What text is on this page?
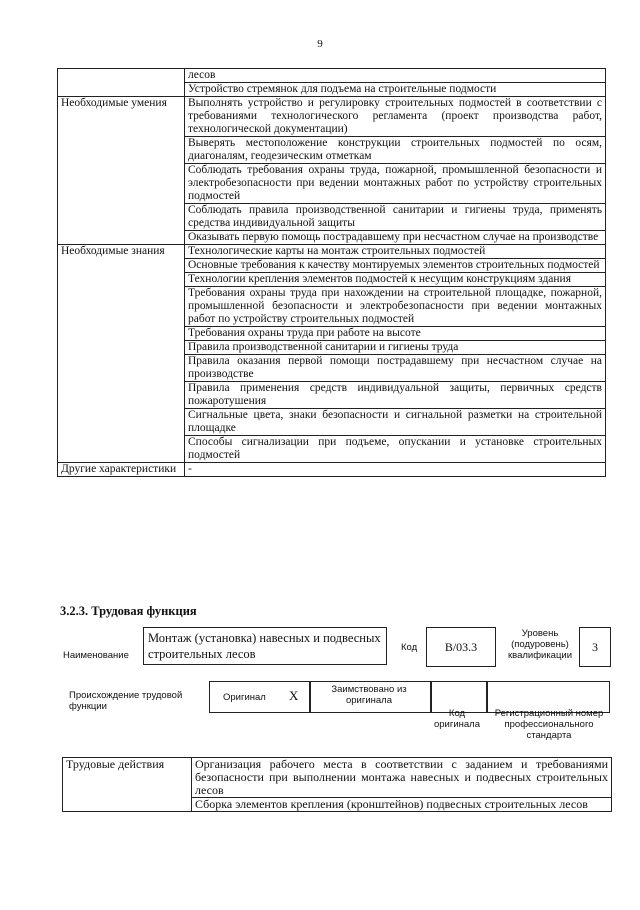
9
	лесов
	Устройство стремянок для подъема на строительные подмости
Необходимые умения	Выполнять устройство и регулировку строительных подмостей в соответствии с требованиями технологического регламента (проект производства работ, технологической документации)
	Выверять местоположение конструкции строительных подмостей по осям, диагоналям, геодезическим отметкам
	Соблюдать требования охраны труда, пожарной, промышленной безопасности и электробезопасности при ведении монтажных работ по устройству строительных подмостей
	Соблюдать правила производственной санитарии и гигиены труда, применять средства индивидуальной защиты
	Оказывать первую помощь пострадавшему при несчастном случае на производстве
Необходимые знания	Технологические карты на монтаж строительных подмостей
	Основные требования к качеству монтируемых элементов строительных подмостей
	Технологии крепления элементов подмостей к несущим конструкциям здания
	Требования охраны труда при нахождении на строительной площадке, пожарной, промышленной безопасности и электробезопасности при ведении монтажных работ по устройству строительных подмостей
	Требования охраны труда при работе на высоте
	Правила производственной санитарии и гигиены труда
	Правила оказания первой помощи пострадавшему при несчастном случае на производстве
	Правила применения средств индивидуальной защиты, первичных средств пожаротушения
	Сигнальные цвета, знаки безопасности и сигнальной разметки на строительной площадке
	Способы сигнализации при подъеме, опускании и установке строительных подмостей
Другие характеристики	-
3.2.3. Трудовая функция
Наименование
Монтаж (установка) навесных и подвесных строительных лесов	Код	B/03.3
Уровень (подуровень) квалификации
3
Происхождение трудовой функции
Оригинал X	Заимствовано из оригинала
Код оригинала
Регистрационный номер профессионального стандарта
Трудовые действия	Организация рабочего места в соответствии с заданием и требованиями безопасности при выполнении монтажа навесных и подвесных строительных лесов
Сборка элементов крепления (кронштейнов) подвесных строительных лесов
